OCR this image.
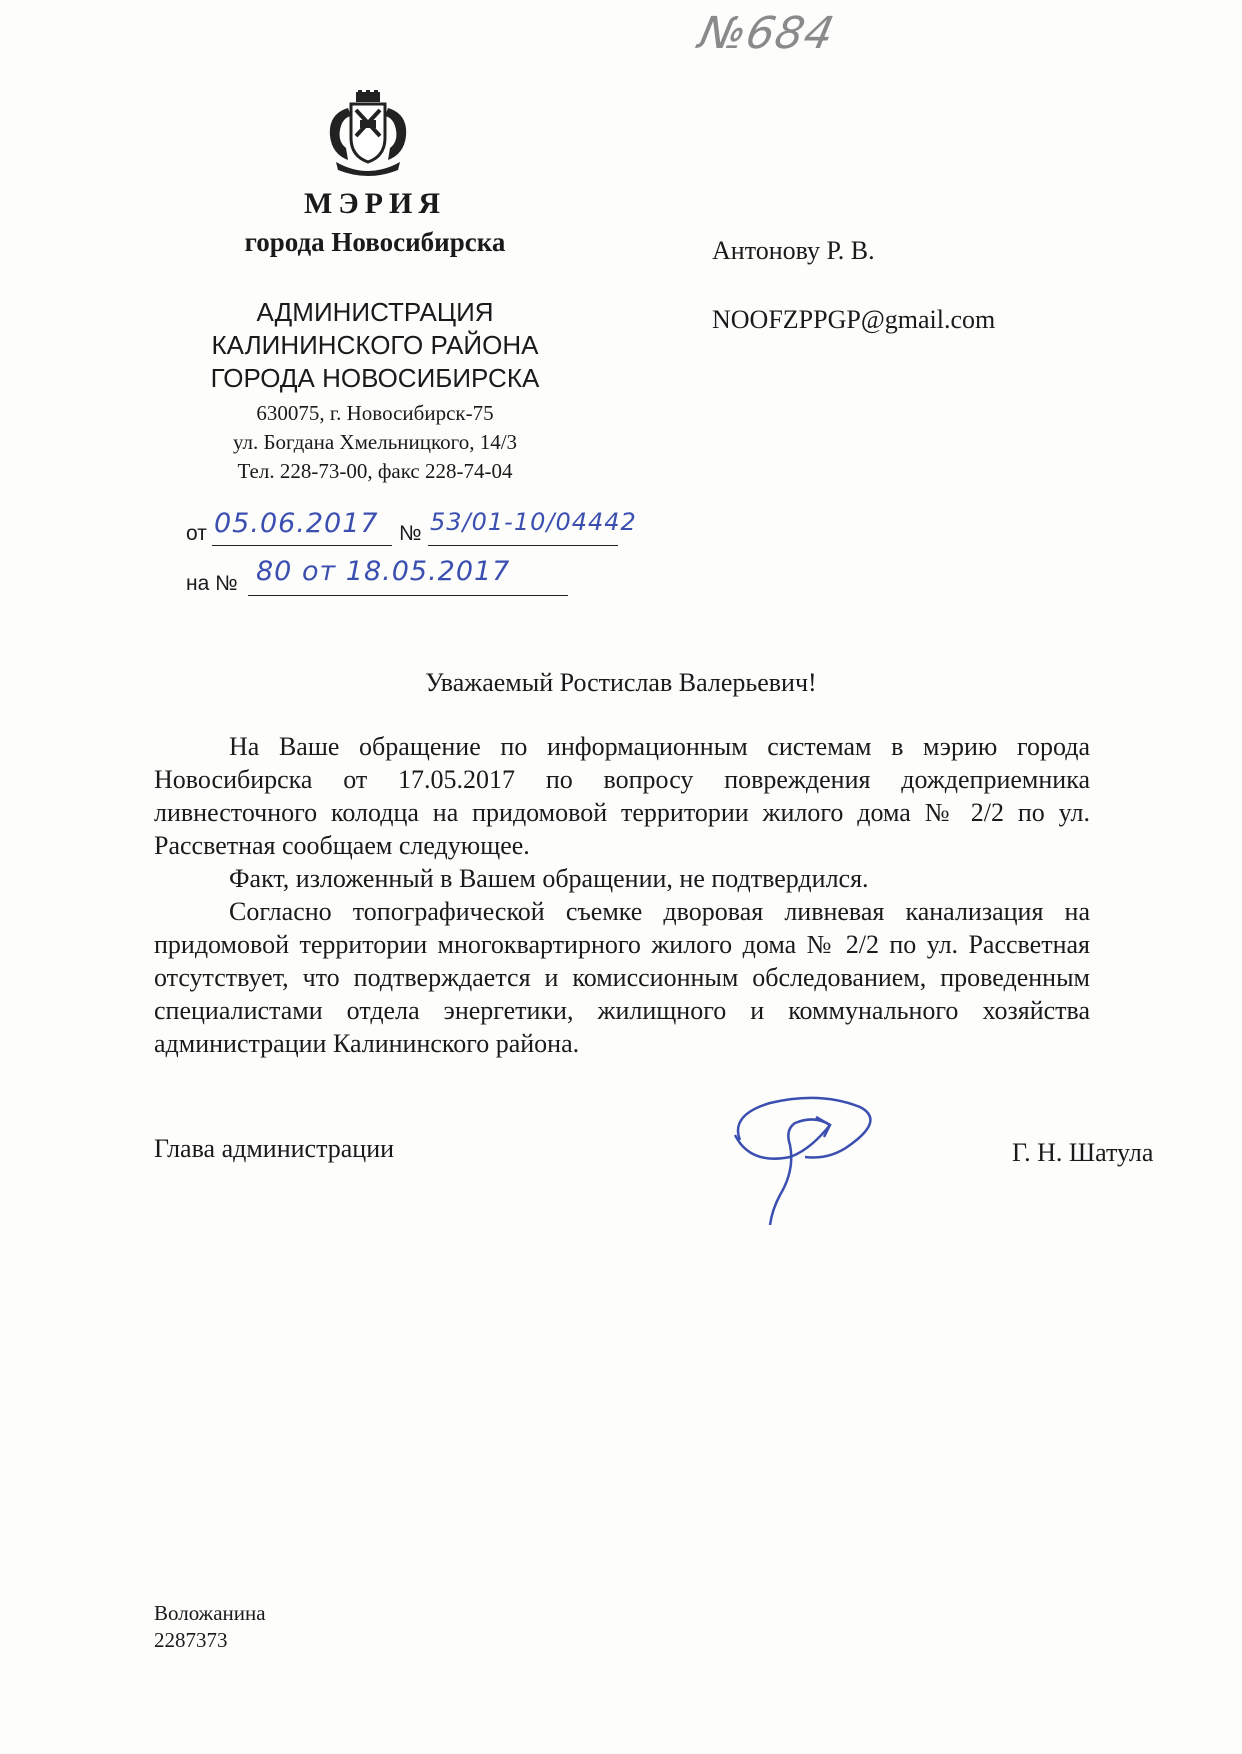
№684
МЭРИЯ
города Новосибирска
АДМИНИСТРАЦИЯ
КАЛИНИНСКОГО РАЙОНА
ГОРОДА НОВОСИБИРСКА
630075, г. Новосибирск-75
ул. Богдана Хмельницкого, 14/3
Тел. 228-73-00, факс 228-74-04
от 05.06.2017 № 53/01-10/04442
на № 80 от 18.05.2017
Антонову Р. В.
NOOFZPPGP@gmail.com
Уважаемый Ростислав Валерьевич!

На Ваше обращение по информационным системам в мэрию города Новосибирска от 17.05.2017 по вопросу повреждения дождеприемника ливнесточного колодца на придомовой территории жилого дома № 2/2 по ул. Рассветная сообщаем следующее.

Факт, изложенный в Вашем обращении, не подтвердился.

Согласно топографической съемке дворовая ливневая канализация на придомовой территории многоквартирного жилого дома № 2/2 по ул. Рассветная отсутствует, что подтверждается и комиссионным обследованием, проведенным специалистами отдела энергетики, жилищного и коммунального хозяйства администрации Калининского района.

Глава администрации	Г. Н. Шатула
Воложанина
2287373
